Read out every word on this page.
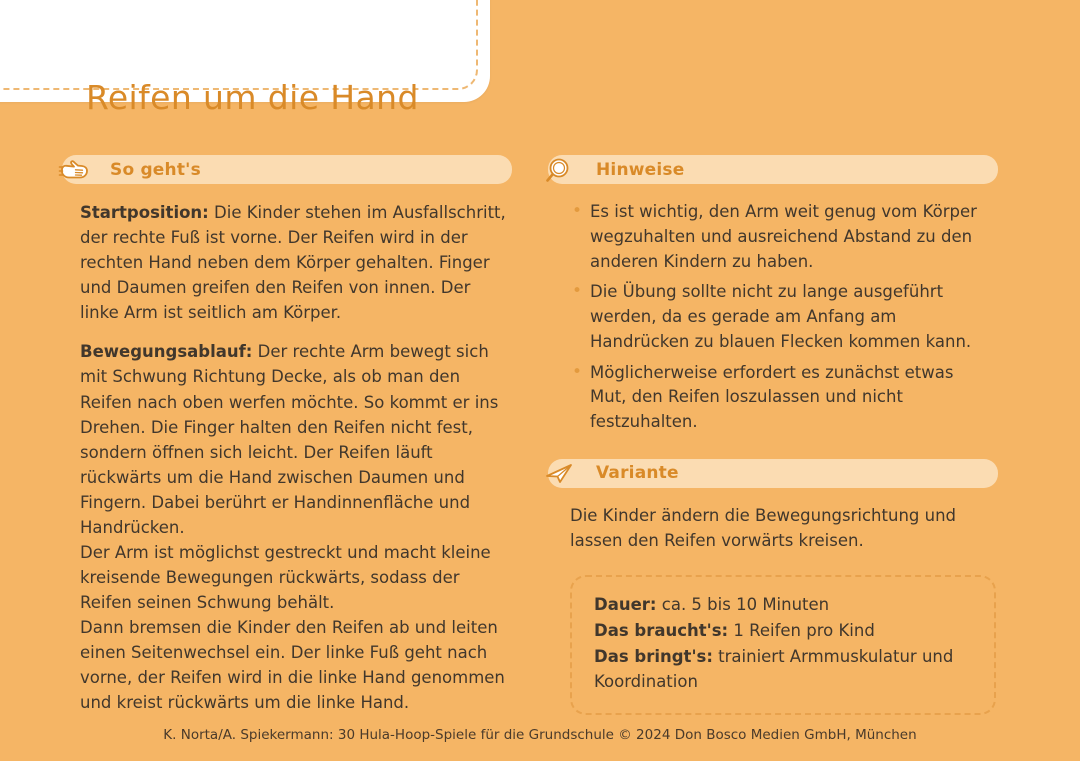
Reifen um die Hand
So geht's

Startposition: Die Kinder stehen im Ausfallschritt, der rechte Fuß ist vorne. Der Reifen wird in der rechten Hand neben dem Körper gehalten. Finger und Daumen greifen den Reifen von innen. Der linke Arm ist seitlich am Körper.

Bewegungsablauf: Der rechte Arm bewegt sich mit Schwung Richtung Decke, als ob man den Reifen nach oben werfen möchte. So kommt er ins Drehen. Die Finger halten den Reifen nicht fest, sondern öffnen sich leicht. Der Reifen läuft rückwärts um die Hand zwischen Daumen und Fingern. Dabei berührt er Handinnenfläche und Handrücken.

Der Arm ist möglichst gestreckt und macht kleine kreisende Bewegungen rückwärts, sodass der Reifen seinen Schwung behält.

Dann bremsen die Kinder den Reifen ab und leiten einen Seitenwechsel ein. Der linke Fuß geht nach vorne, der Reifen wird in die linke Hand genommen und kreist rückwärts um die linke Hand.

Hinweise
• Es ist wichtig, den Arm weit genug vom Körper wegzuhalten und ausreichend Abstand zu den anderen Kindern zu haben.
• Die Übung sollte nicht zu lange ausgeführt werden, da es gerade am Anfang am Handrücken zu blauen Flecken kommen kann.
• Möglicherweise erfordert es zunächst etwas Mut, den Reifen loszulassen und nicht festzuhalten.
Variante
Die Kinder ändern die Bewegungsrichtung und lassen den Reifen vorwärts kreisen.
Dauer: ca. 5 bis 10 Minuten
Das braucht's: 1 Reifen pro Kind
Das bringt's: trainiert Armmuskulatur und Koordination
K. Norta/A. Spiekermann: 30 Hula-Hoop-Spiele für die Grundschule © 2024 Don Bosco Medien GmbH, München
